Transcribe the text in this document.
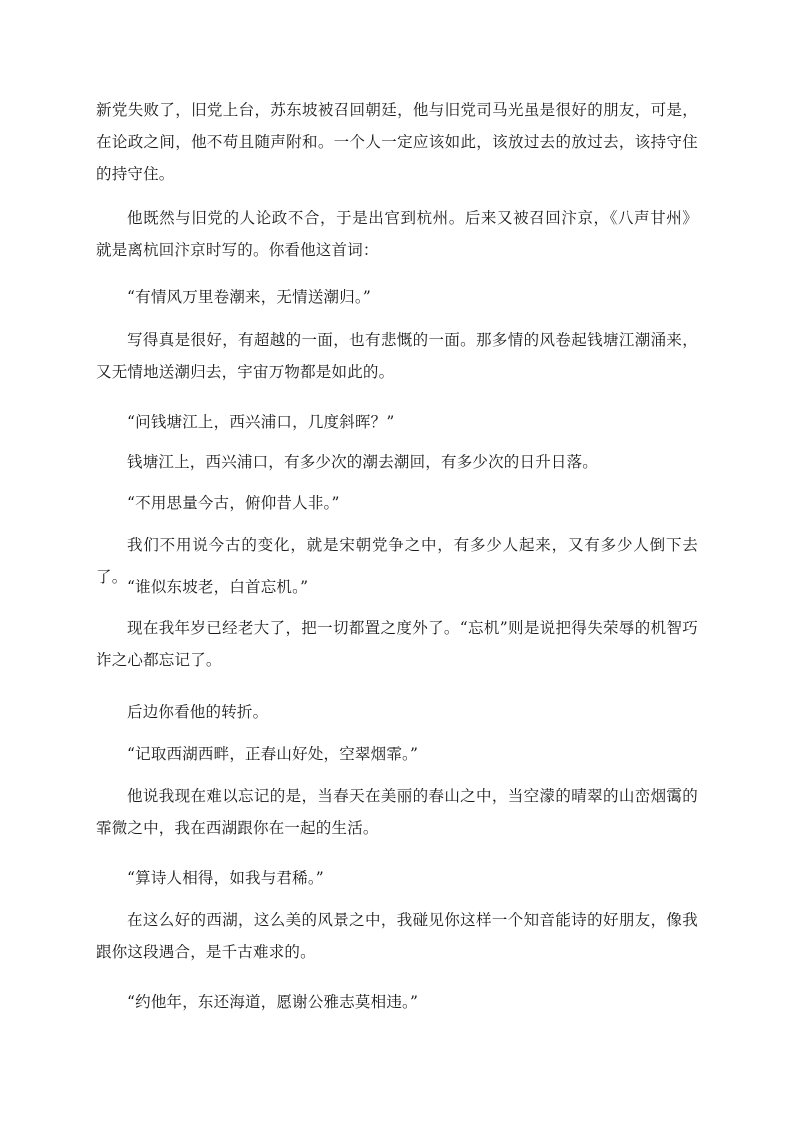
新党失败了，旧党上台，苏东坡被召回朝廷，他与旧党司马光虽是很好的朋友，可是，在论政之间，他不苟且随声附和。一个人一定应该如此，该放过去的放过去，该持守住的持守住。

他既然与旧党的人论政不合，于是出官到杭州。后来又被召回汴京，《八声甘州》就是离杭回汴京时写的。你看他这首词：

“有情风万里卷潮来，无情送潮归。”

写得真是很好，有超越的一面，也有悲慨的一面。那多情的风卷起钱塘江潮涌来，又无情地送潮归去，宇宙万物都是如此的。

“问钱塘江上，西兴浦口，几度斜晖？”

钱塘江上，西兴浦口，有多少次的潮去潮回，有多少次的日升日落。

“不用思量今古，俯仰昔人非。”

我们不用说今古的变化，就是宋朝党争之中，有多少人起来，又有多少人倒下去了。

“谁似东坡老，白首忘机。”

现在我年岁已经老大了，把一切都置之度外了。“忘机”则是说把得失荣辱的机智巧诈之心都忘记了。

后边你看他的转折。

“记取西湖西畔，正春山好处，空翠烟霏。”

他说我现在难以忘记的是，当春天在美丽的春山之中，当空濛的晴翠的山峦烟霭的霏微之中，我在西湖跟你在一起的生活。

“算诗人相得，如我与君稀。”

在这么好的西湖，这么美的风景之中，我碰见你这样一个知音能诗的好朋友，像我跟你这段遇合，是千古难求的。

“约他年，东还海道，愿谢公雅志莫相违。”
